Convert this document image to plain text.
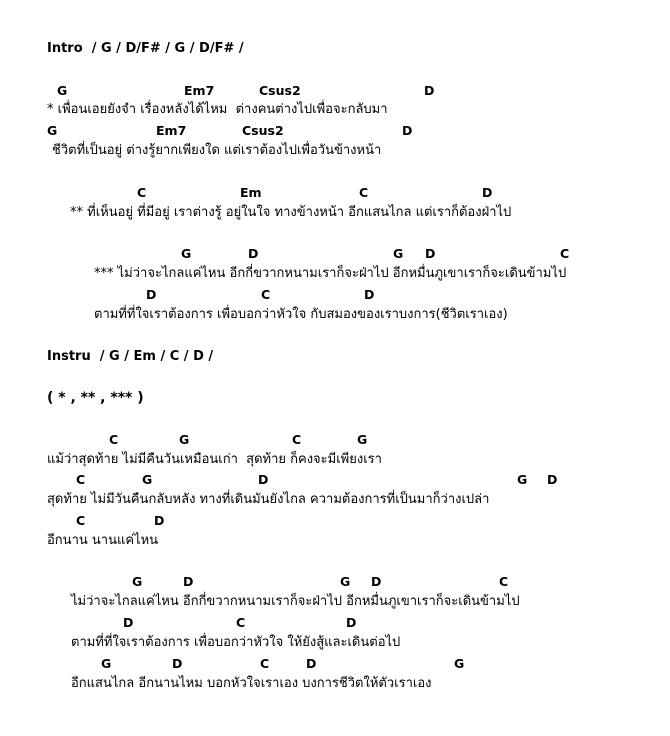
Intro  / G / D/F# / G / D/F# /
G	Em7	Csus2	D
* เพื่อนเอยยังจำ เรื่องหลังได้ไหม  ต่างคนต่างไปเพื่อจะกลับมา
G	Em7	Csus2	D
ชีวิตที่เป็นอยู่ ต่างรู้ยากเพียงใด แต่เราต้องไปเพื่อวันข้างหน้า
C	Em	C	D
** ที่เห็นอยู่ ที่มีอยู่ เราต่างรู้ อยู่ในใจ ทางข้างหน้า อีกแสนไกล แต่เราก็ต้องฝ่าไป
G	D	G D	C
*** ไม่ว่าจะไกลแค่ไหน อีกกี่ขวากหนามเราก็จะฝ่าไป อีกหมื่นภูเขาเราก็จะเดินข้ามไป
D	C	D
ตามที่ที่ใจเราต้องการ เพื่อบอกว่าหัวใจ กับสมองของเราบงการ(ชีวิตเราเอง)
Instru  / G / Em / C / D /
( * , ** , *** )
C	G	C	G
แม้ว่าสุดท้าย ไม่มีคืนวันเหมือนเก่า  สุดท้าย ก็คงจะมีเพียงเรา
C	G	D	G D
สุดท้าย ไม่มีวันคืนกลับหลัง ทางที่เดินมันยังไกล ความต้องการที่เป็นมาก็ว่างเปล่า
C	D
อีกนาน นานแค่ไหน
G	D	G D	C
ไม่ว่าจะไกลแค่ไหน อีกกี่ขวากหนามเราก็จะฝ่าไป อีกหมื่นภูเขาเราก็จะเดินข้ามไป
D	C	D
ตามที่ที่ใจเราต้องการ เพื่อบอกว่าหัวใจ ให้ยังสู้และเดินต่อไป
G	D	C	D	G
อีกแสนไกล อีกนานไหม บอกหัวใจเราเอง บงการชีวิตให้ตัวเราเอง
